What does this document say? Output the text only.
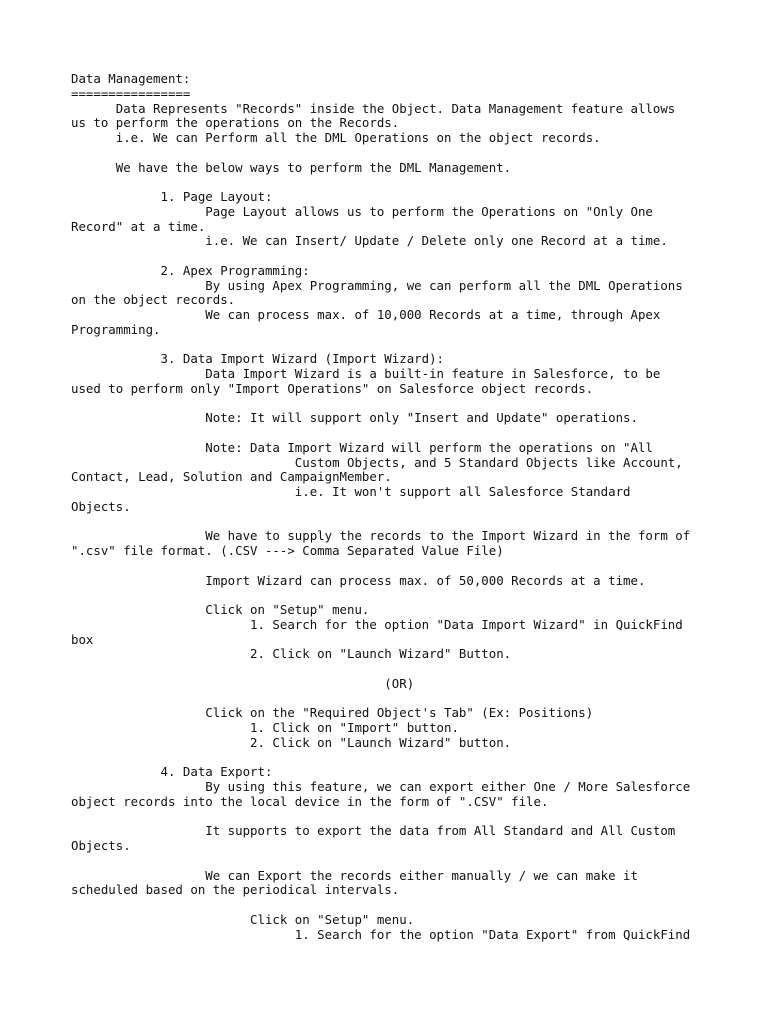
Data Management:
================
Data Represents "Records" inside the Object. Data Management feature allows
us to perform the operations on the Records.
i.e. We can Perform all the DML Operations on the object records.
We have the below ways to perform the DML Management.
1. Page Layout:
Page Layout allows us to perform the Operations on "Only One
Record" at a time.
i.e. We can Insert/ Update / Delete only one Record at a time.
2. Apex Programming:
By using Apex Programming, we can perform all the DML Operations
on the object records.
We can process max. of 10,000 Records at a time, through Apex
Programming.
3. Data Import Wizard (Import Wizard):
Data Import Wizard is a built-in feature in Salesforce, to be
used to perform only "Import Operations" on Salesforce object records.
Note: It will support only "Insert and Update" operations.
Note: Data Import Wizard will perform the operations on "All
Custom Objects, and 5 Standard Objects like Account,
Contact, Lead, Solution and CampaignMember.
i.e. It won't support all Salesforce Standard
Objects.
We have to supply the records to the Import Wizard in the form of
".csv" file format. (.CSV ---> Comma Separated Value File)
Import Wizard can process max. of 50,000 Records at a time.
Click on "Setup" menu.
1. Search for the option "Data Import Wizard" in QuickFind
box
2. Click on "Launch Wizard" Button.
(OR)
Click on the "Required Object's Tab" (Ex: Positions)
1. Click on "Import" button.
2. Click on "Launch Wizard" button.
4. Data Export:
By using this feature, we can export either One / More Salesforce
object records into the local device in the form of ".CSV" file.
It supports to export the data from All Standard and All Custom
Objects.
We can Export the records either manually / we can make it
scheduled based on the periodical intervals.
Click on "Setup" menu.
1. Search for the option "Data Export" from QuickFind
